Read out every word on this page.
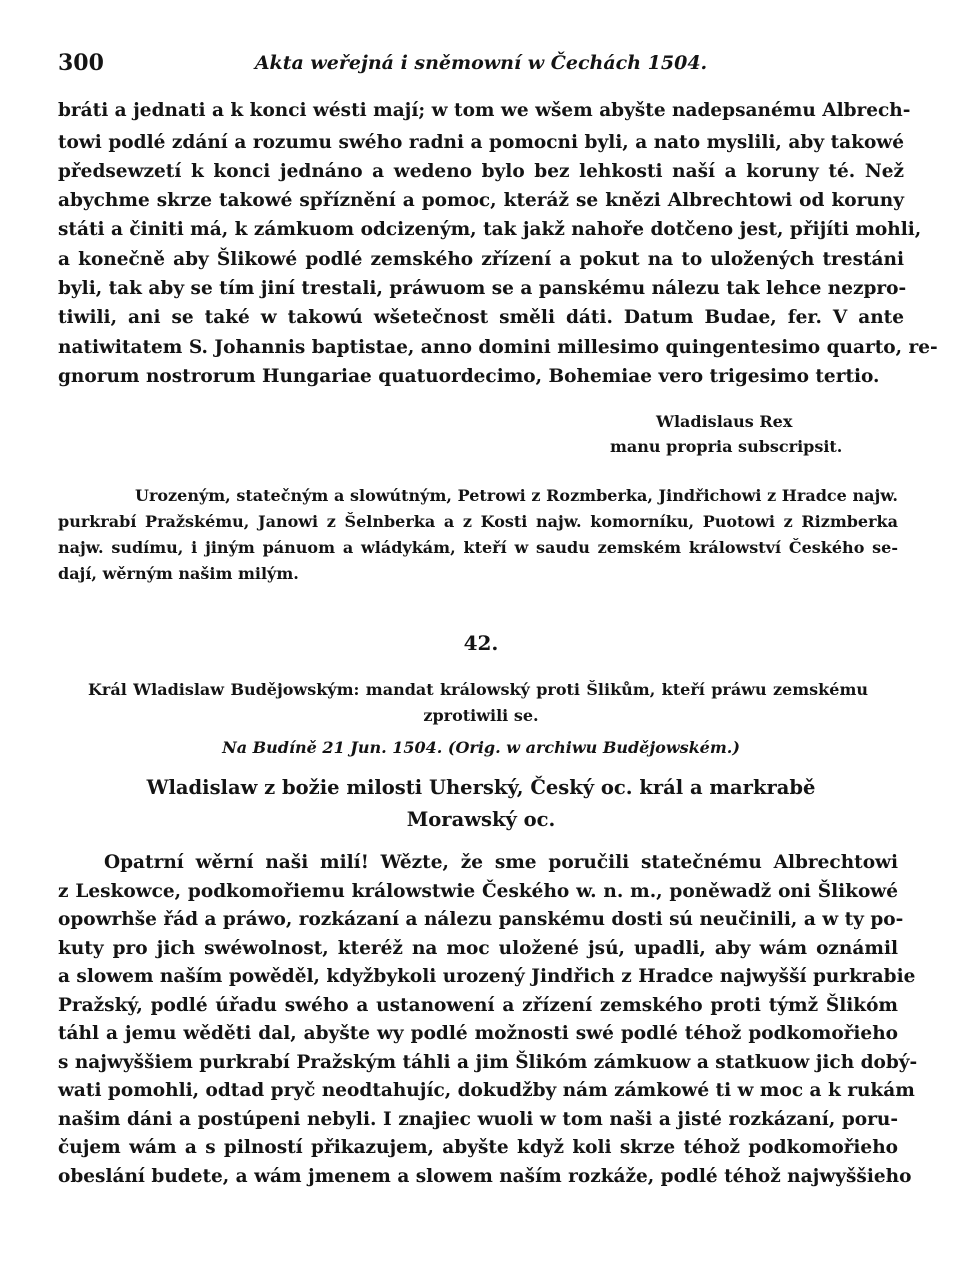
300	Akta weřejná i sněmowní w Čechách 1504.
bráti a jednati a k konci wésti mají; w tom we wšem abyšte nadepsanému Albrech-
towi podlé zdání a rozumu swého radni a pomocni byli, a nato myslili, aby takowé
předsewzetí k konci jednáno a wedeno bylo bez lehkosti naší a koruny té. Než
abychme skrze takowé spříznění a pomoc, kteráž se knězi Albrechtowi od koruny
státi a činiti má, k zámkuom odcizeným, tak jakž nahoře dotčeno jest, přijíti mohli,
a konečně aby Šlikowé podlé zemského zřízení a pokut na to uložených trestáni
byli, tak aby se tím jiní trestali, práwuom se a panskému nálezu tak lehce nezpro-
tiwili, ani se také w takowú wšetečnost směli dáti. Datum Budae, fer. V ante
natiwitatem S. Johannis baptistae, anno domini millesimo quingentesimo quarto, re-
gnorum nostrorum Hungariae quatuordecimo, Bohemiae vero trigesimo tertio.
Wladislaus Rex
manu propria subscripsit.
Urozeným, statečným a slowútným, Petrowi z Rozmberka, Jindřichowi z Hradce najw.
purkrabí Pražskému, Janowi z Šelnberka a z Kosti najw. komorníku, Puotowi z Rizmberka
najw. sudímu, i jiným pánuom a wládykám, kteří w saudu zemském králowství Českého se-
dají, wěrným našim milým.
42.
Král Wladislaw Budějowským: mandat králowský proti Šlikům, kteří práwu zemskému
zprotiwili se.
Na Budíně 21 Jun. 1504. (Orig. w archiwu Budějowském.)
Wladislaw z božie milosti Uherský, Český oc. král a markrabě
Morawský oc.
Opatrní wěrní naši milí! Wězte, že sme poručili statečnému Albrechtowi
z Leskowce, podkomořiemu králowstwie Českého w. n. m., poněwadž oni Šlikowé
opowrhše řád a práwo, rozkázaní a nálezu panskému dosti sú neučinili, a w ty po-
kuty pro jich swéwolnost, kteréž na moc uložené jsú, upadli, aby wám oznámil
a slowem naším powěděl, kdyžbykoli urozený Jindřich z Hradce najwyšší purkrabie
Pražský, podlé úřadu swého a ustanowení a zřízení zemského proti týmž Šlikóm
táhl a jemu wěděti dal, abyšte wy podlé možnosti swé podlé téhož podkomořieho
s najwyššiem purkrabí Pražským táhli a jim Šlikóm zámkuow a statkuow jich dobý-
wati pomohli, odtad pryč neodtahujíc, dokudžby nám zámkowé ti w moc a k rukám
našim dáni a postúpeni nebyli. I znajiec wuoli w tom naši a jisté rozkázaní, poru-
čujem wám a s pilností přikazujem, abyšte když koli skrze téhož podkomořieho
obeslání budete, a wám jmenem a slowem naším rozkáže, podlé téhož najwyššieho
